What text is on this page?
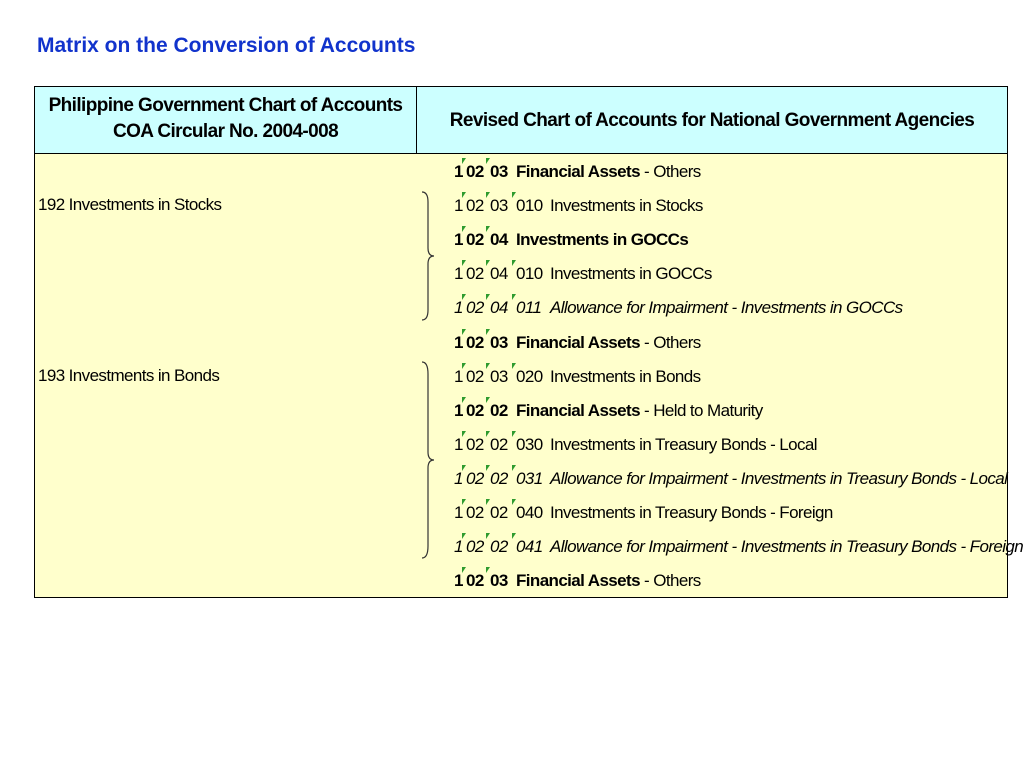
Matrix on the Conversion of Accounts
Philippine Government Chart of Accounts
COA Circular No. 2004-008
Revised Chart of Accounts for National Government Agencies
192 Investments in Stocks
193 Investments in Bonds
1 02 03 Financial Assets - Others
1 02 03 010 Investments in Stocks
1 02 04 Investments in GOCCs
1 02 04 010 Investments in GOCCs
1 02 04 011 Allowance for Impairment - Investments in GOCCs
1 02 03 Financial Assets - Others
1 02 03 020 Investments in Bonds
1 02 02 Financial Assets - Held to Maturity
1 02 02 030 Investments in Treasury Bonds - Local
1 02 02 031 Allowance for Impairment - Investments in Treasury Bonds - Local
1 02 02 040 Investments in Treasury Bonds - Foreign
1 02 02 041 Allowance for Impairment - Investments in Treasury Bonds - Foreign
1 02 03 Financial Assets - Others
